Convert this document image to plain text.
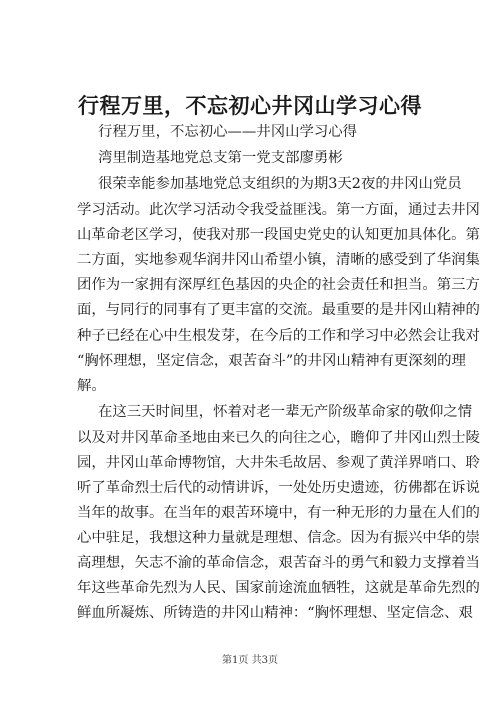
行程万里，不忘初心井冈山学习心得
行程万里，不忘初心——井冈山学习心得
湾里制造基地党总支第一党支部廖勇彬
很荣幸能参加基地党总支组织的为期3天2夜的井冈山党员
学习活动。此次学习活动令我受益匪浅。第一方面，通过去井冈
山革命老区学习，使我对那一段国史党史的认知更加具体化。第
二方面，实地参观华润井冈山希望小镇，清晰的感受到了华润集
团作为一家拥有深厚红色基因的央企的社会责任和担当。第三方
面，与同行的同事有了更丰富的交流。最重要的是井冈山精神的
种子已经在心中生根发芽，在今后的工作和学习中必然会让我对
“胸怀理想，坚定信念，艰苦奋斗”的井冈山精神有更深刻的理
解。
在这三天时间里，怀着对老一辈无产阶级革命家的敬仰之情
以及对井冈革命圣地由来已久的向往之心，瞻仰了井冈山烈士陵
园，井冈山革命博物馆，大井朱毛故居、参观了黄洋界哨口、聆
听了革命烈士后代的动情讲诉，一处处历史遗迹，彷佛都在诉说
当年的故事。在当年的艰苦环境中，有一种无形的力量在人们的
心中驻足，我想这种力量就是理想、信念。因为有振兴中华的崇
高理想，矢志不渝的革命信念，艰苦奋斗的勇气和毅力支撑着当
年这些革命先烈为人民、国家前途流血牺牲，这就是革命先烈的
鲜血所凝炼、所铸造的井冈山精神：“胸怀理想、坚定信念、艰
第1页 共3页
